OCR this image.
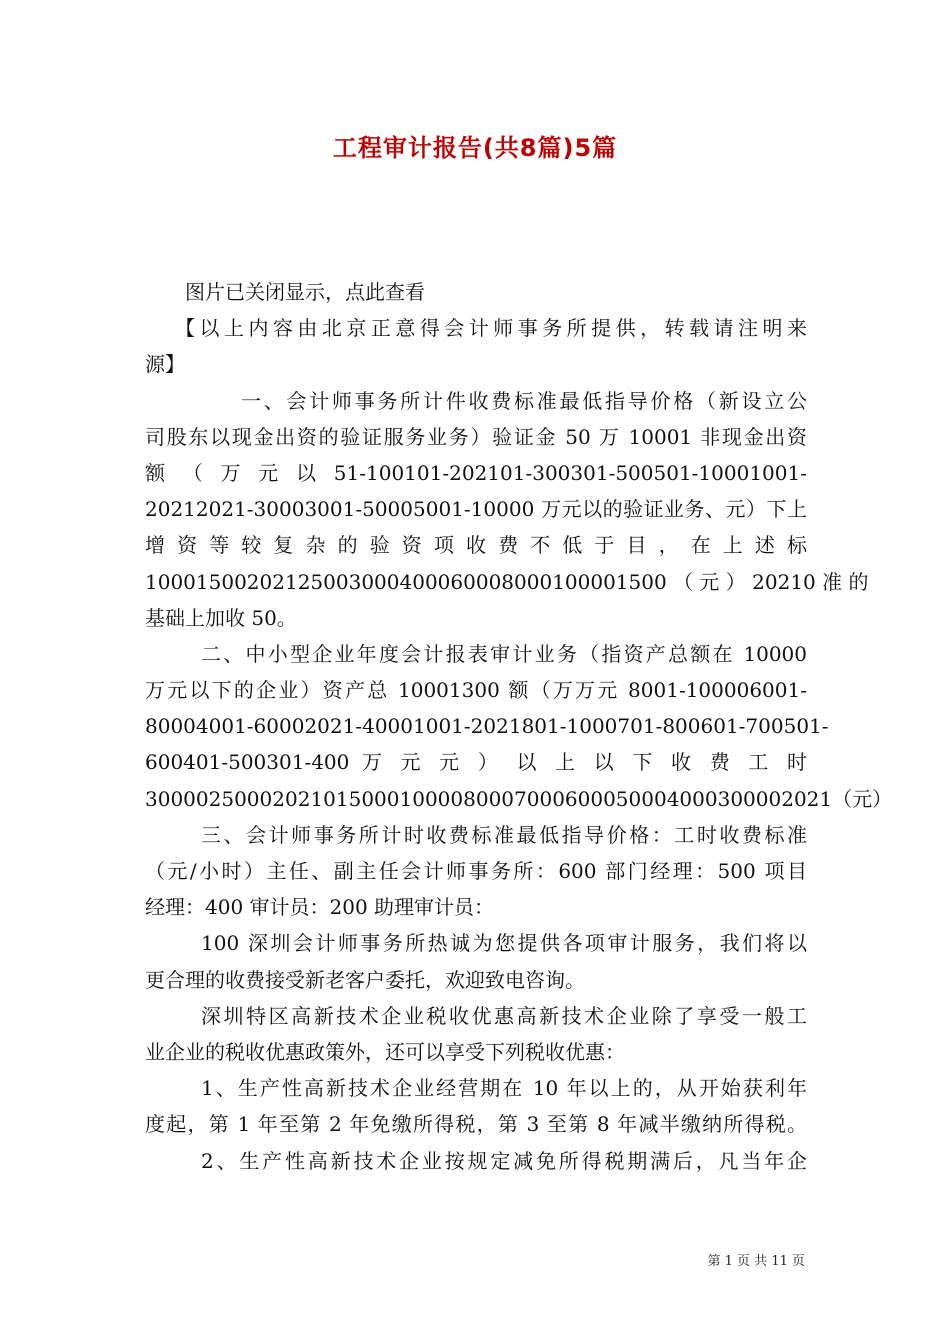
工程审计报告(共8篇)5篇
图片已关闭显示，点此查看
【以上内容由北京正意得会计师事务所提供，转载请注明来
源】
一、会计师事务所计件收费标准最低指导价格（新设立公
司股东以现金出资的验证服务业务）验证金 50 万 10001 非现金出资
额 （ 万 元 以 51-100101-202101-300301-500501-10001001-
20212021-30003001-50005001-10000 万元以的验证业务、元）下上
增 资 等 较 复 杂 的 验 资 项 收 费 不 低 于 目 ， 在 上 述 标
10001500202125003000400060008000100001500 （ 元 ） 20210 准 的
基础上加收 50。
二、中小型企业年度会计报表审计业务（指资产总额在 10000
万元以下的企业）资产总 10001300 额（万万元 8001-100006001-
80004001-60002021-40001001-2021801-1000701-800601-700501-
600401-500301-400 万 元 元 ） 以 上 以 下 收 费 工 时
300002500020210150001000080007000600050004000300002021（元）
三、会计师事务所计时收费标准最低指导价格：工时收费标准
（元/小时）主任、副主任会计师事务所：600 部门经理：500 项目
经理：400 审计员：200 助理审计员：
100 深圳会计师事务所热诚为您提供各项审计服务，我们将以
更合理的收费接受新老客户委托，欢迎致电咨询。
深圳特区高新技术企业税收优惠高新技术企业除了享受一般工
业企业的税收优惠政策外，还可以享受下列税收优惠：
1、生产性高新技术企业经营期在 10 年以上的，从开始获利年
度起，第 1 年至第 2 年免缴所得税，第 3 至第 8 年减半缴纳所得税。
2、生产性高新技术企业按规定减免所得税期满后，凡当年企
第 1 页 共 11 页
